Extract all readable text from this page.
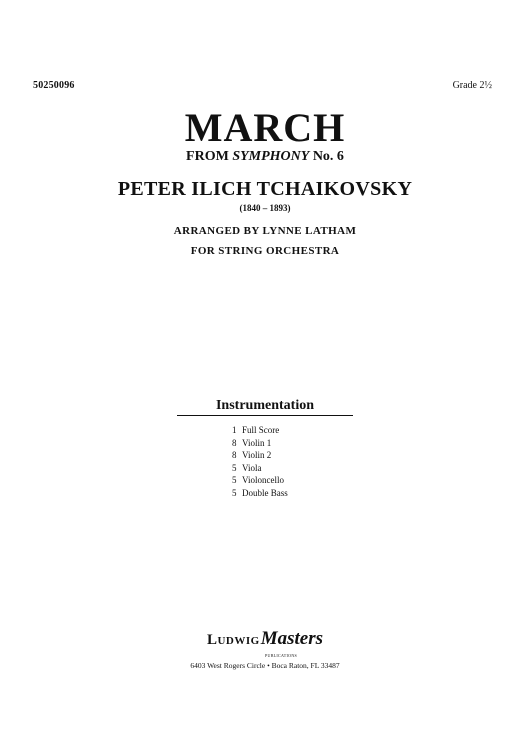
50250096	Grade 2½
MARCH
FROM SYMPHONY No. 6
PETER ILICH TCHAIKOVSKY
(1840 – 1893)
ARRANGED BY LYNNE LATHAM
FOR STRING ORCHESTRA
Instrumentation
1 Full Score
8 Violin 1
8 Violin 2
5 Viola
5 Violoncello
5 Double Bass
LudwigMasters
PUBLICATIONS
6403 West Rogers Circle • Boca Raton, FL 33487
